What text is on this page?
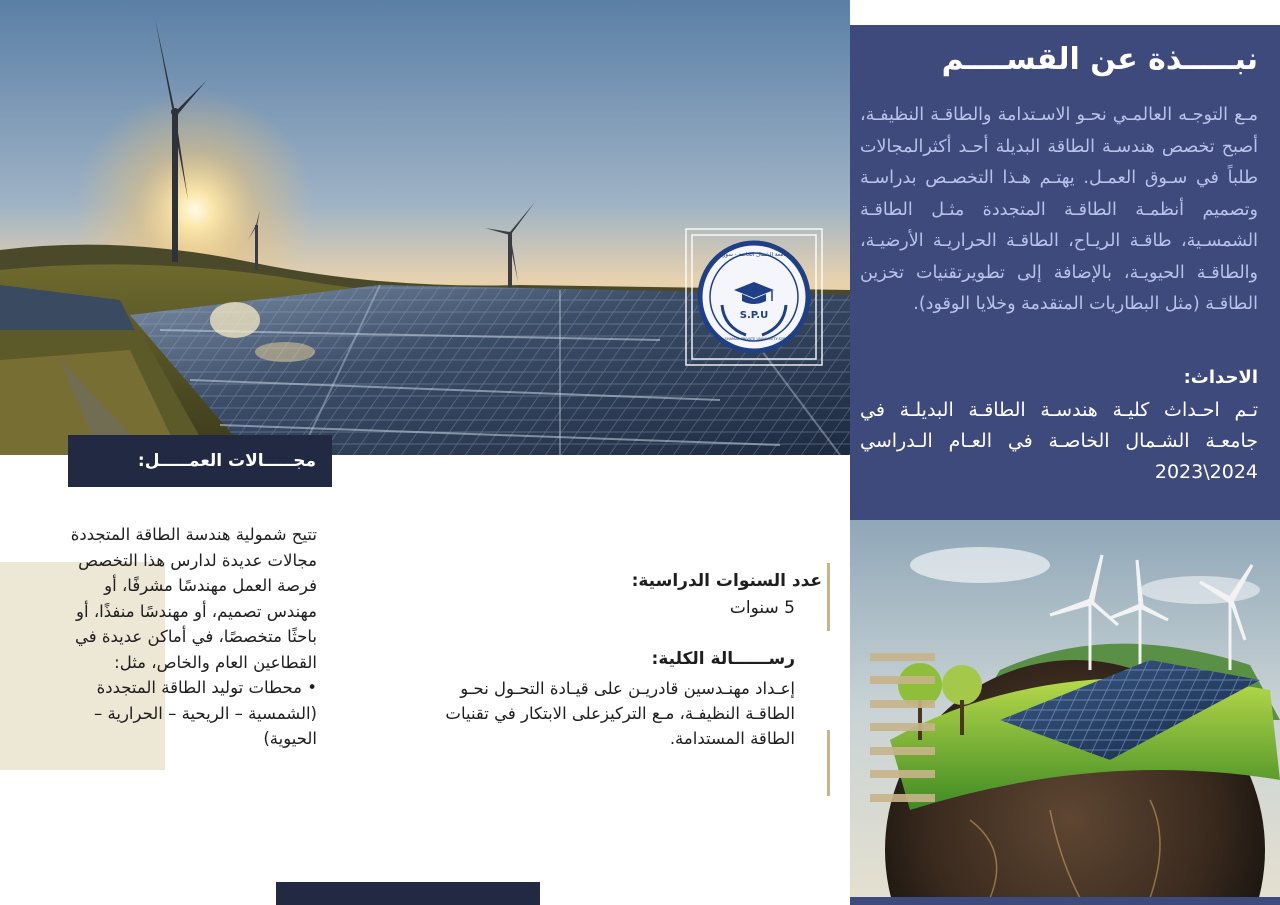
S.P.U
جامعة الشمال الخاصة - سوريا
AL-SHAMAL PRIVATE UNIVERSITY-SYRIA
نبـــــذة عن القســــم
مـع التوجـه العالمـي نحـو الاسـتدامة والطاقـة النظيفـة، أصبح تخصص هندسـة الطاقة البديلة أحـد أكثرالمجالات طلباً في سـوق العمـل. يهتـم هـذا التخصـص بدراسـة وتصميم أنظمـة الطاقـة المتجددة مثـل الطاقـة الشمسـية، طاقـة الريـاح، الطاقـة الحراريـة الأرضيـة، والطاقـة الحيويـة، بالإضافة إلى تطويرتقنيات تخزين الطاقـة (مثل البطاريات المتقدمة وخلايا الوقود).
الاحداث:
تـم احـداث كليـة هندسـة الطاقـة البديلـة في جامعـة الشـمال الخاصـة في العـام الـدراسي 2024\2023
مجـــــالات العمـــــل:
تتيح شمولية هندسة الطاقة المتجددة مجالات عديدة لدارس هذا التخصص فرصة العمل مهندسًا مشرفًا، أو مهندس تصميم، أو مهندسًا منفذًا، أو باحثًا متخصصًا، في أماكن عديدة في القطاعين العام والخاص، مثل:
• محطات توليد الطاقة المتجددة (الشمسية – الريحية – الحرارية – الحيوية)
عدد السنوات الدراسية:
5 سنوات
رســــــالة الكلية:
إعـداد مهنـدسين قادريـن على قيـادة التحـول نحـو الطاقـة النظيفـة، مـع التركيزعلى الابتكار في تقنيات الطاقة المستدامة.
